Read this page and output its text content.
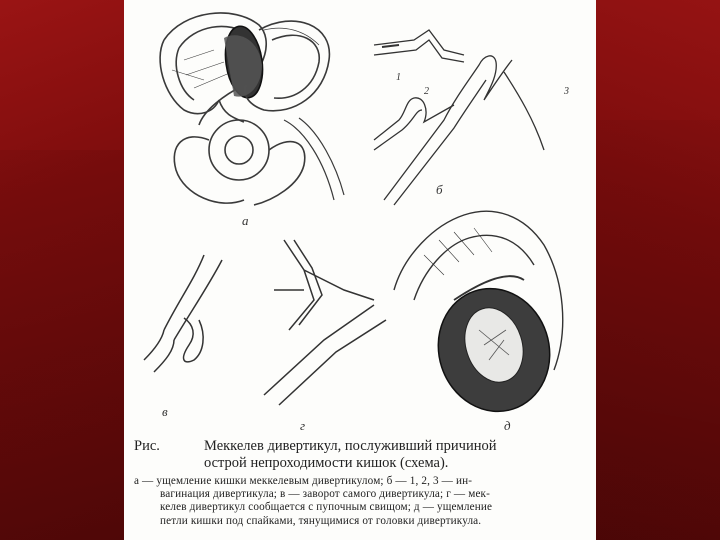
а
б
в
г	д
1
2	3
Рис.	Меккелев дивертикул, послуживший причиной
острой непроходимости кишок (схема).
а — ущемление кишки меккелевым дивертикулом; б — 1, 2, 3 — ин-
вагинация дивертикула; в — заворот самого дивертикула; г — мек-
келев дивертикул сообщается с пупочным свищом; д — ущемление
петли кишки под спайками, тянущимися от головки дивертикула.
